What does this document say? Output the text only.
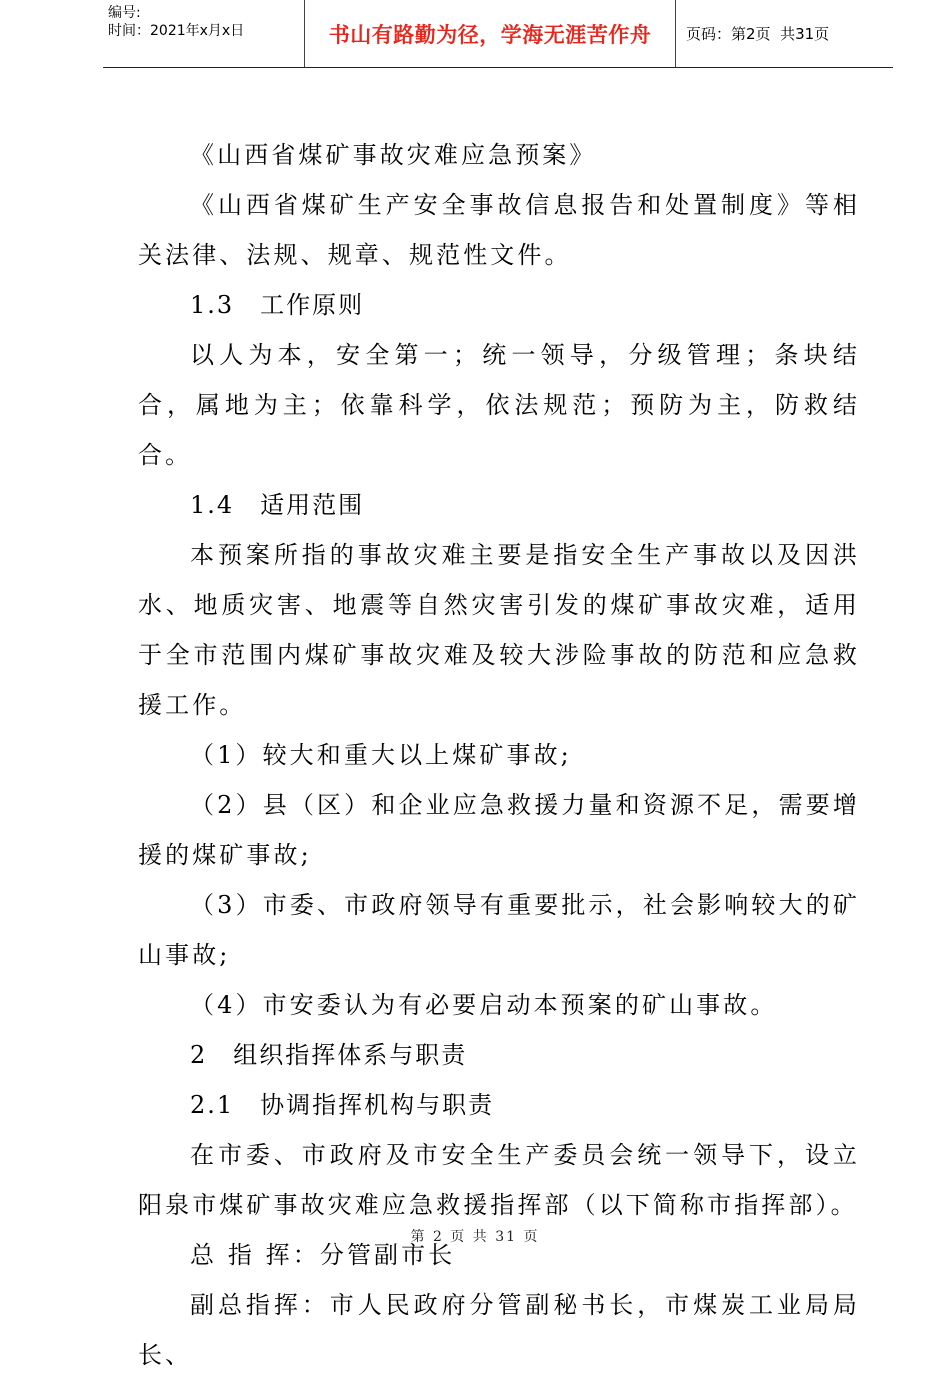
编号:
时间：2021年x月x日	书山有路勤为径，学海无涯苦作舟	页码：第2页  共31页

《山西省煤矿事故灾难应急预案》

《山西省煤矿生产安全事故信息报告和处置制度》等相关法律、法规、规章、规范性文件。

1.3　工作原则

以人为本，安全第一；统一领导，分级管理；条块结合，属地为主；依靠科学，依法规范；预防为主，防救结合。

1.4　适用范围

本预案所指的事故灾难主要是指安全生产事故以及因洪水、地质灾害、地震等自然灾害引发的煤矿事故灾难，适用于全市范围内煤矿事故灾难及较大涉险事故的防范和应急救援工作。

（1）较大和重大以上煤矿事故;

（2）县（区）和企业应急救援力量和资源不足，需要增援的煤矿事故;

（3）市委、市政府领导有重要批示，社会影响较大的矿山事故;

（4）市安委认为有必要启动本预案的矿山事故。

2　组织指挥体系与职责

2.1　协调指挥机构与职责

在市委、市政府及市安全生产委员会统一领导下，设立阳泉市煤矿事故灾难应急救援指挥部（以下简称市指挥部）。

总 指 挥：分管副市长

副总指挥：市人民政府分管副秘书长，市煤炭工业局局长、

第 2 页 共 31 页
